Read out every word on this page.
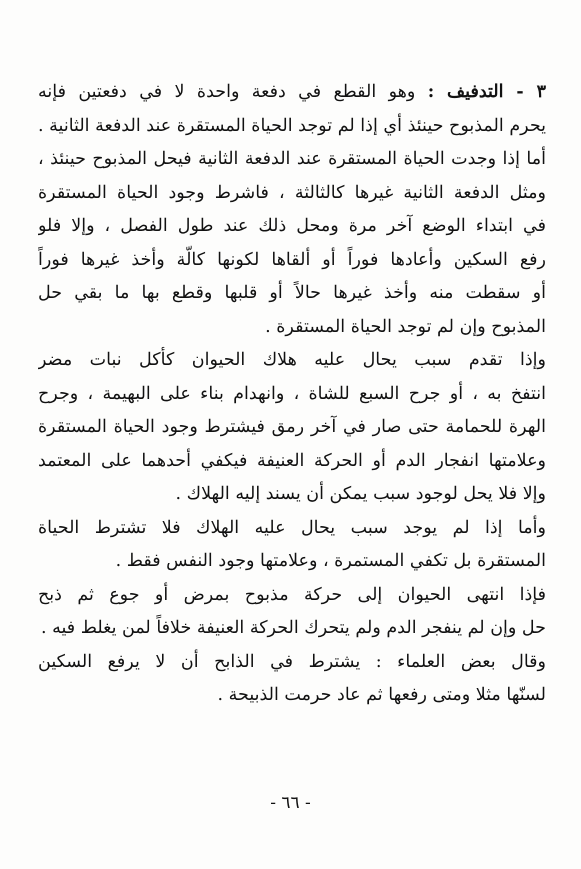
٣ - التدفيف : وهو القطع في دفعة واحدة لا في دفعتين فإنه
يحرم المذبوح حينئذ أي إذا لم توجد الحياة المستقرة عند الدفعة الثانية .
أما إذا وجدت الحياة المستقرة عند الدفعة الثانية فيحل المذبوح حينئذ ،
ومثل الدفعة الثانية غيرها كالثالثة ، فاشرط وجود الحياة المستقرة
في ابتداء الوضع آخر مرة ومحل ذلك عند طول الفصل ، وإلا فلو
رفع السكين وأعادها فوراً أو ألقاها لكونها كالّة وأخذ غيرها فوراً
أو سقطت منه وأخذ غيرها حالاً أو قلبها وقطع بها ما بقي حل
المذبوح وإن لم توجد الحياة المستقرة .
وإذا تقدم سبب يحال عليه هلاك الحيوان كأكل نبات مضر
انتفخ به ، أو جرح السبع للشاة ، وانهدام بناء على البهيمة ، وجرح
الهرة للحمامة حتى صار في آخر رمق فيشترط وجود الحياة المستقرة
وعلامتها انفجار الدم أو الحركة العنيفة فيكفي أحدهما على المعتمد
وإلا فلا يحل لوجود سبب يمكن أن يسند إليه الهلاك .
وأما إذا لم يوجد سبب يحال عليه الهلاك فلا تشترط الحياة
المستقرة بل تكفي المستمرة ، وعلامتها وجود النفس فقط .
فإذا انتهى الحيوان إلى حركة مذبوح بمرض أو جوع ثم ذبح
حل وإن لم ينفجر الدم ولم يتحرك الحركة العنيفة خلافاً لمن يغلط فيه .
وقال بعض العلماء : يشترط في الذابح أن لا يرفع السكين
لسنّها مثلا ومتى رفعها ثم عاد حرمت الذبيحة .
- ٦٦ -
